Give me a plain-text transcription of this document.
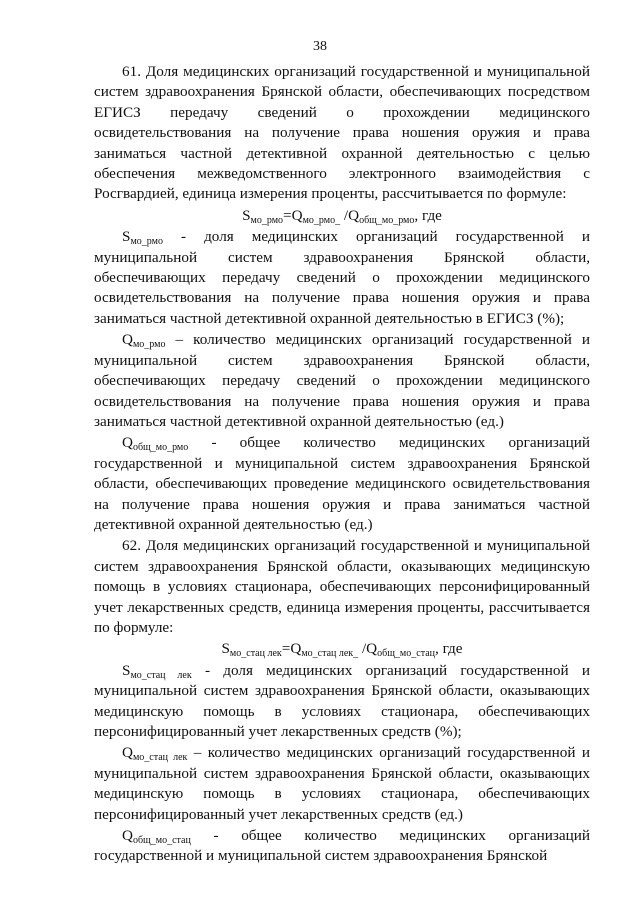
38

61. Доля медицинских организаций государственной и муниципальной систем здравоохранения Брянской области, обеспечивающих посредством ЕГИСЗ передачу сведений о прохождении медицинского освидетельствования на получение права ношения оружия и права заниматься частной детективной охранной деятельностью с целью обеспечения межведомственного электронного взаимодействия с Росгвардией, единица измерения проценты, рассчитывается по формуле:

$S_{мо\_рмо}=Q_{мо\_рмо\_}$ $/Q_{общ\_мо\_рмо}$, где

$S_{мо\_рмо}$ - доля медицинских организаций государственной и муниципальной систем здравоохранения Брянской области, обеспечивающих передачу сведений о прохождении медицинского освидетельствования на получение права ношения оружия и права заниматься частной детективной охранной деятельностью в ЕГИСЗ (%);

$Q_{мо\_рмо}$ – количество медицинских организаций государственной и муниципальной систем здравоохранения Брянской области, обеспечивающих передачу сведений о прохождении медицинского освидетельствования на получение права ношения оружия и права заниматься частной детективной охранной деятельностью (ед.)

$Q_{общ\_мо\_рмо}$ - общее количество медицинских организаций государственной и муниципальной систем здравоохранения Брянской области, обеспечивающих проведение медицинского освидетельствования на получение права ношения оружия и права заниматься частной детективной охранной деятельностью (ед.)

62. Доля медицинских организаций государственной и муниципальной систем здравоохранения Брянской области, оказывающих медицинскую помощь в условиях стационара, обеспечивающих персонифицированный учет лекарственных средств, единица измерения проценты, рассчитывается по формуле:

$S_{мо\_стац лек}=Q_{мо\_стац лек\_}$ $/Q_{общ\_мо\_стац}$, где

$S_{мо\_стац лек}$ - доля медицинских организаций государственной и муниципальной систем здравоохранения Брянской области, оказывающих медицинскую помощь в условиях стационара, обеспечивающих персонифицированный учет лекарственных средств (%);

$Q_{мо\_стац лек}$ – количество медицинских организаций государственной и муниципальной систем здравоохранения Брянской области, оказывающих медицинскую помощь в условиях стационара, обеспечивающих персонифицированный учет лекарственных средств (ед.)

$Q_{общ\_мо\_стац}$ - общее количество медицинских организаций государственной и муниципальной систем здравоохранения Брянской
